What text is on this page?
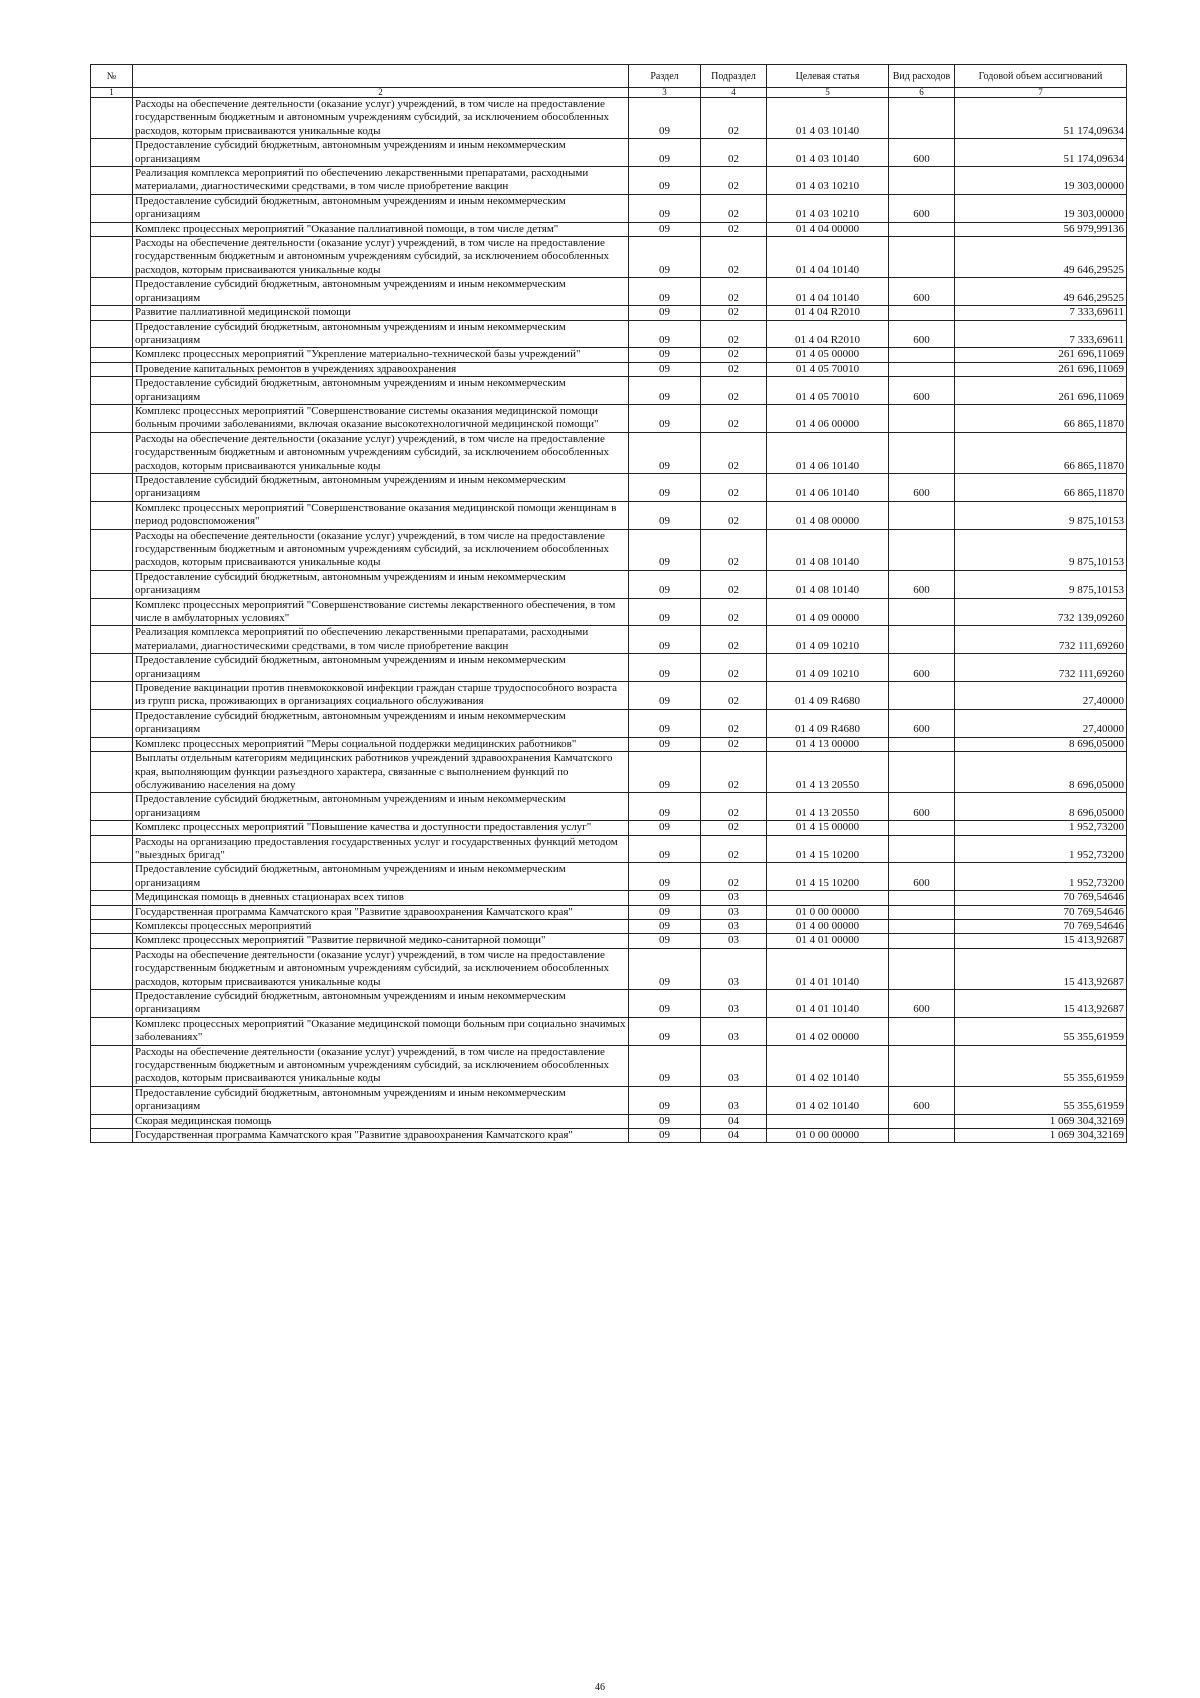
№		Раздел	Подраздел	Целевая статья	Вид расходов	Годовой объем ассигнований
1	2	3	4	5	6	7
	Расходы на обеспечение деятельности (оказание услуг) учреждений, в том числе на предоставление государственным бюджетным и автономным учреждениям субсидий, за исключением обособленных расходов, которым присваиваются уникальные коды	09	02	01 4 03 10140		51 174,09634
	Предоставление субсидий бюджетным, автономным учреждениям и иным некоммерческим организациям	09	02	01 4 03 10140	600	51 174,09634
	Реализация комплекса мероприятий по обеспечению лекарственными препаратами, расходными материалами, диагностическими средствами, в том числе приобретение вакцин	09	02	01 4 03 10210		19 303,00000
	Предоставление субсидий бюджетным, автономным учреждениям и иным некоммерческим организациям	09	02	01 4 03 10210	600	19 303,00000
	Комплекс процессных мероприятий "Оказание паллиативной помощи, в том числе детям"	09	02	01 4 04 00000		56 979,99136
	Расходы на обеспечение деятельности (оказание услуг) учреждений, в том числе на предоставление государственным бюджетным и автономным учреждениям субсидий, за исключением обособленных расходов, которым присваиваются уникальные коды	09	02	01 4 04 10140		49 646,29525
	Предоставление субсидий бюджетным, автономным учреждениям и иным некоммерческим организациям	09	02	01 4 04 10140	600	49 646,29525
	Развитие паллиативной медицинской помощи	09	02	01 4 04 R2010		7 333,69611
	Предоставление субсидий бюджетным, автономным учреждениям и иным некоммерческим организациям	09	02	01 4 04 R2010	600	7 333,69611
	Комплекс процессных мероприятий "Укрепление материально-технической базы учреждений"	09	02	01 4 05 00000		261 696,11069
	Проведение капитальных ремонтов в учреждениях здравоохранения	09	02	01 4 05 70010		261 696,11069
	Предоставление субсидий бюджетным, автономным учреждениям и иным некоммерческим организациям	09	02	01 4 05 70010	600	261 696,11069
	Комплекс процессных мероприятий "Совершенствование системы оказания медицинской помощи больным прочими заболеваниями, включая оказание высокотехнологичной медицинской помощи"	09	02	01 4 06 00000		66 865,11870
	Расходы на обеспечение деятельности (оказание услуг) учреждений, в том числе на предоставление государственным бюджетным и автономным учреждениям субсидий, за исключением обособленных расходов, которым присваиваются уникальные коды	09	02	01 4 06 10140		66 865,11870
	Предоставление субсидий бюджетным, автономным учреждениям и иным некоммерческим организациям	09	02	01 4 06 10140	600	66 865,11870
	Комплекс процессных мероприятий "Совершенствование оказания медицинской помощи женщинам в период родовспоможения"	09	02	01 4 08 00000		9 875,10153
	Расходы на обеспечение деятельности (оказание услуг) учреждений, в том числе на предоставление государственным бюджетным и автономным учреждениям субсидий, за исключением обособленных расходов, которым присваиваются уникальные коды	09	02	01 4 08 10140		9 875,10153
	Предоставление субсидий бюджетным, автономным учреждениям и иным некоммерческим организациям	09	02	01 4 08 10140	600	9 875,10153
	Комплекс процессных мероприятий "Совершенствование системы лекарственного обеспечения, в том числе в амбулаторных условиях"	09	02	01 4 09 00000		732 139,09260
	Реализация комплекса мероприятий по обеспечению лекарственными препаратами, расходными материалами, диагностическими средствами, в том числе приобретение вакцин	09	02	01 4 09 10210		732 111,69260
	Предоставление субсидий бюджетным, автономным учреждениям и иным некоммерческим организациям	09	02	01 4 09 10210	600	732 111,69260
	Проведение вакцинации против пневмококковой инфекции граждан старше трудоспособного возраста из групп риска, проживающих в организациях социального обслуживания	09	02	01 4 09 R4680		27,40000
	Предоставление субсидий бюджетным, автономным учреждениям и иным некоммерческим организациям	09	02	01 4 09 R4680	600	27,40000
	Комплекс процессных мероприятий "Меры социальной поддержки медицинских работников"	09	02	01 4 13 00000		8 696,05000
	Выплаты отдельным категориям медицинских работников учреждений здравоохранения Камчатского края, выполняющим функции разъездного характера, связанные с выполнением функций по обслуживанию населения на дому	09	02	01 4 13 20550		8 696,05000
	Предоставление субсидий бюджетным, автономным учреждениям и иным некоммерческим организациям	09	02	01 4 13 20550	600	8 696,05000
	Комплекс процессных мероприятий "Повышение качества и доступности предоставления услуг"	09	02	01 4 15 00000		1 952,73200
	Расходы на организацию предоставления государственных услуг и государственных функций методом "выездных бригад"	09	02	01 4 15 10200		1 952,73200
	Предоставление субсидий бюджетным, автономным учреждениям и иным некоммерческим организациям	09	02	01 4 15 10200	600	1 952,73200
	Медицинская помощь в дневных стационарах всех типов	09	03			70 769,54646
	Государственная программа Камчатского края "Развитие здравоохранения Камчатского края"	09	03	01 0 00 00000		70 769,54646
	Комплексы процессных мероприятий	09	03	01 4 00 00000		70 769,54646
	Комплекс процессных мероприятий "Развитие первичной медико-санитарной помощи"	09	03	01 4 01 00000		15 413,92687
	Расходы на обеспечение деятельности (оказание услуг) учреждений, в том числе на предоставление государственным бюджетным и автономным учреждениям субсидий, за исключением обособленных расходов, которым присваиваются уникальные коды	09	03	01 4 01 10140		15 413,92687
	Предоставление субсидий бюджетным, автономным учреждениям и иным некоммерческим организациям	09	03	01 4 01 10140	600	15 413,92687
	Комплекс процессных мероприятий "Оказание медицинской помощи больным при социально значимых заболеваниях"	09	03	01 4 02 00000		55 355,61959
	Расходы на обеспечение деятельности (оказание услуг) учреждений, в том числе на предоставление государственным бюджетным и автономным учреждениям субсидий, за исключением обособленных расходов, которым присваиваются уникальные коды	09	03	01 4 02 10140		55 355,61959
	Предоставление субсидий бюджетным, автономным учреждениям и иным некоммерческим организациям	09	03	01 4 02 10140	600	55 355,61959
	Скорая медицинская помощь	09	04			1 069 304,32169
	Государственная программа Камчатского края "Развитие здравоохранения Камчатского края"	09	04	01 0 00 00000		1 069 304,32169
46
